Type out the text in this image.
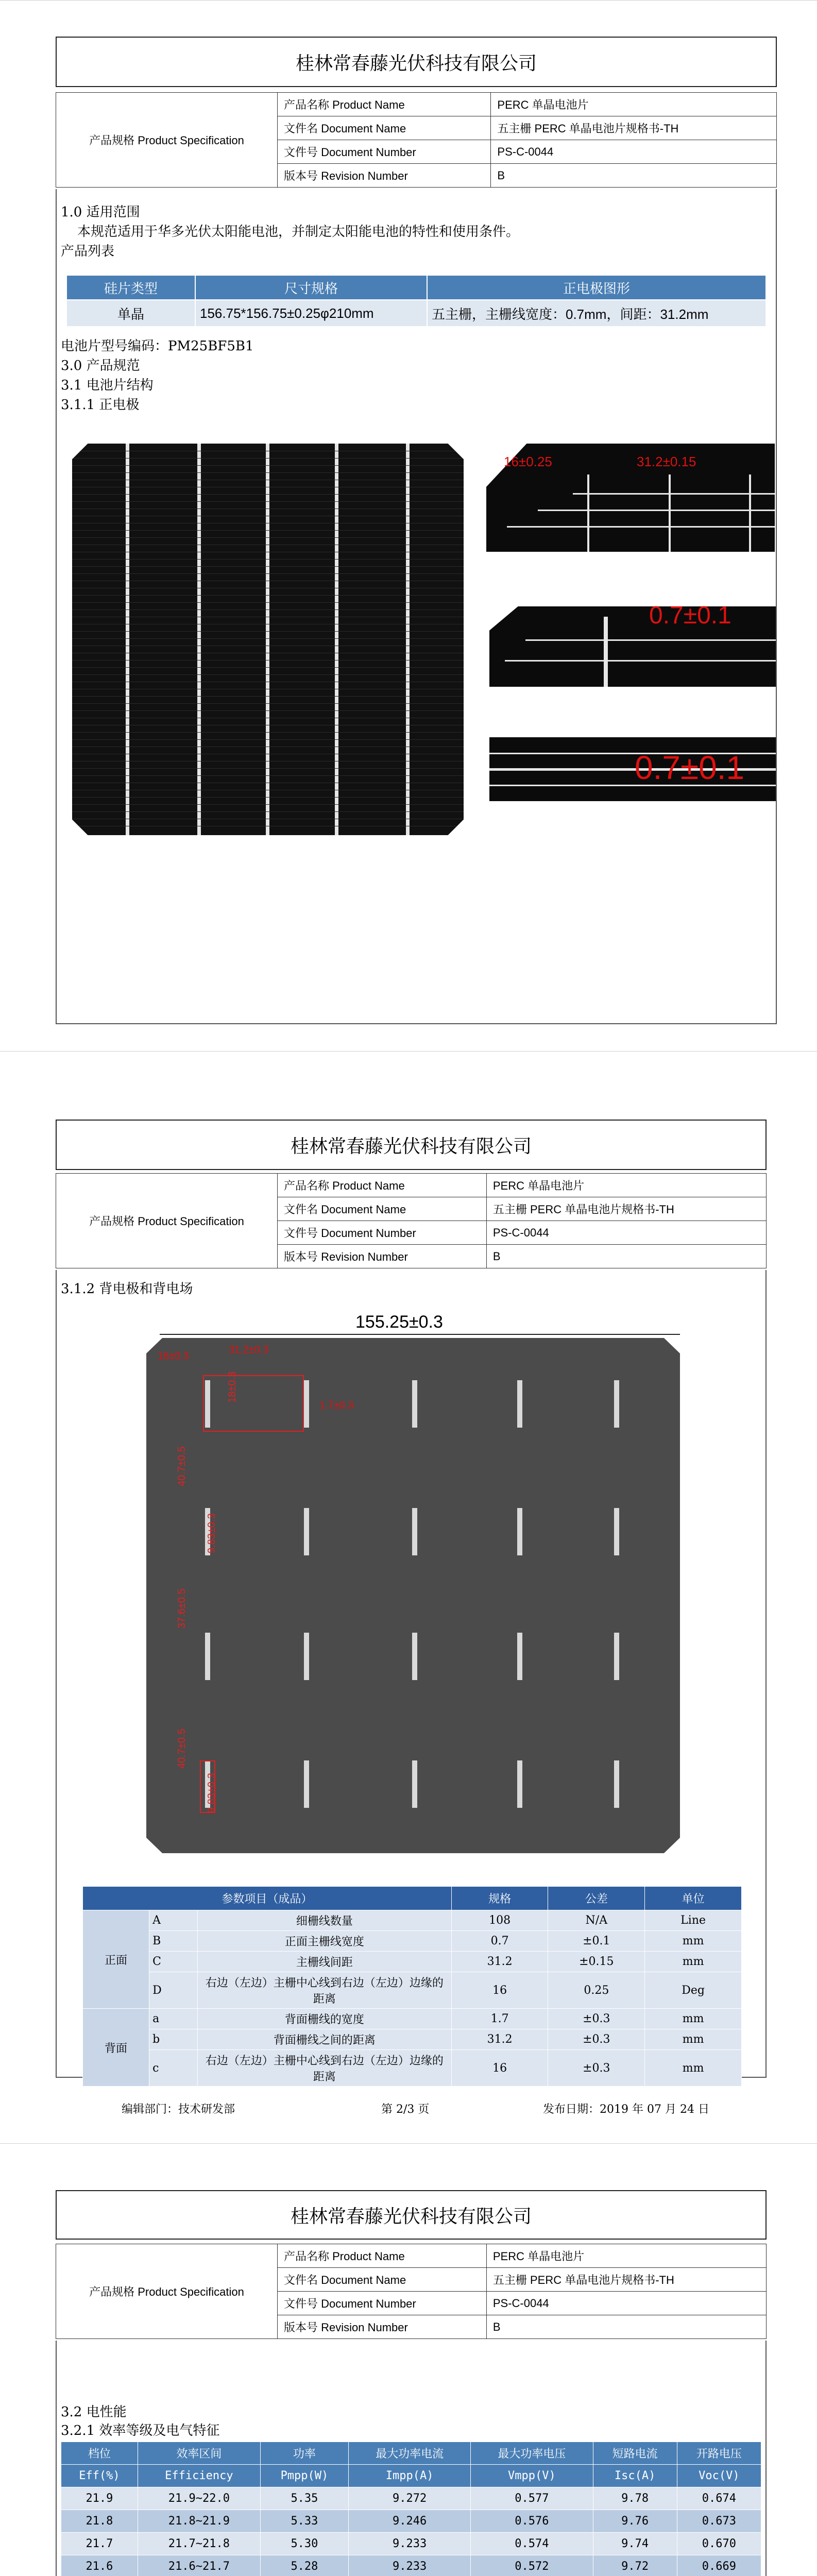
桂林常春藤光伏科技有限公司
产品规格 Product Specification	产品名称 Product Name	PERC 单晶电池片
	文件名 Document Name	五主栅 PERC 单晶电池片规格书-TH
	文件号 Document Number	PS-C-0044
	版本号 Revision Number	B
1.0 适用范围
本规范适用于华多光伏太阳能电池，并制定太阳能电池的特性和使用条件。
产品列表
硅片类型	尺寸规格	正电极图形
单晶	156.75*156.75±0.25φ210mm	五主栅，主栅线宽度：0.7mm，间距：31.2mm
电池片型号编码：PM25BF5B1
3.0 产品规范
3.1 电池片结构
3.1.1 正电极
16±0.25	31.2±0.15
0.7±0.1
0.7±0.1
桂林常春藤光伏科技有限公司
产品规格 Product Specification	产品名称 Product Name	PERC 单晶电池片
	文件名 Document Name	五主栅 PERC 单晶电池片规格书-TH
	文件号 Document Number	PS-C-0044
	版本号 Revision Number	B
3.1.2 背电极和背电场
155.25±0.3
31.2±0.3
16±0.3
18±0.3
1.7±0.3
40.7±0.5
9.83±0.3
37.6±0.5
40.7±0.5
9.83±0.3
参数项目（成品）			规格	公差	单位
正面	A	细栅线数量	108	N/A	Line
	B	正面主栅线宽度	0.7	±0.1	mm
	C	主栅线间距	31.2	±0.15	mm
	D	右边（左边）主栅中心线到右边（左边）边缘的距离	16	0.25	Deg
背面	a	背面栅线的宽度	1.7	±0.3	mm
	b	背面栅线之间的距离	31.2	±0.3	mm
	c	右边（左边）主栅中心线到右边（左边）边缘的距离	16	±0.3	mm
编辑部门：技术研发部	第 2/3 页	发布日期：2019 年 07 月 24 日
桂林常春藤光伏科技有限公司
产品规格 Product Specification	产品名称 Product Name	PERC 单晶电池片
	文件名 Document Name	五主栅 PERC 单晶电池片规格书-TH
	文件号 Document Number	PS-C-0044
	版本号 Revision Number	B
3.2 电性能
3.2.1 效率等级及电气特征
档位	效率区间	功率	最大功率电流	最大功率电压	短路电流	开路电压
Eff(%)	Efficiency	Pmpp(W)	Impp(A)	Vmpp(V)	Isc(A)	Voc(V)
21.9	21.9~22.0	5.35	9.272	0.577	9.78	0.674
21.8	21.8~21.9	5.33	9.246	0.576	9.76	0.673
21.7	21.7~21.8	5.30	9.233	0.574	9.74	0.670
21.6	21.6~21.7	5.28	9.233	0.572	9.72	0.669
